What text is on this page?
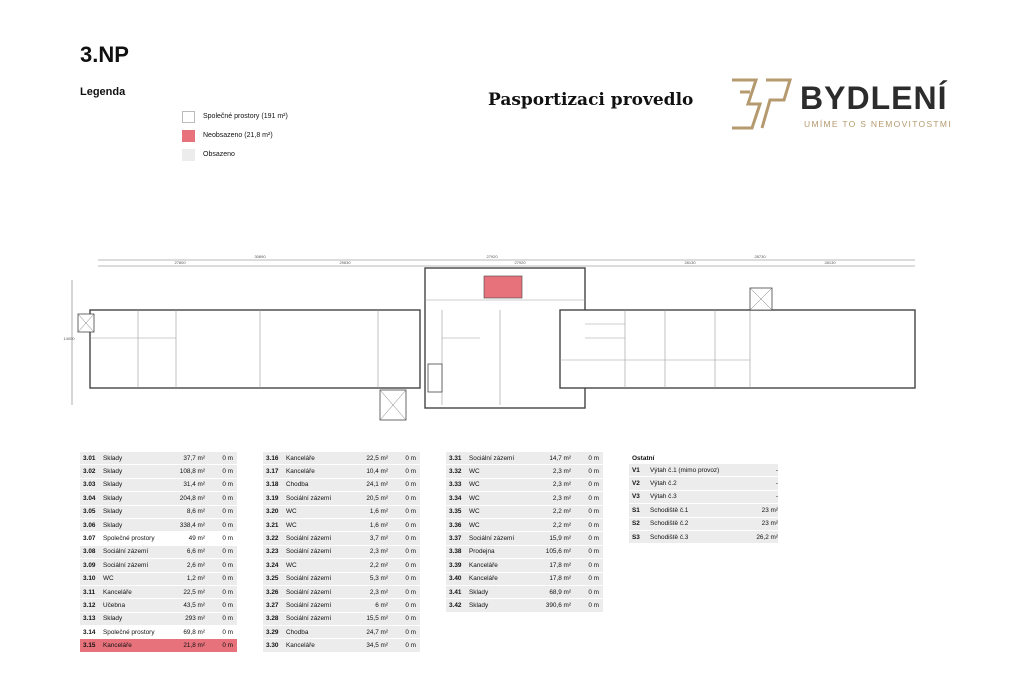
3.NP
Legenda
Společné prostory (191 m²)
Neobsazeno (21,8 m²)
Obsazeno
Pasportizaci provedlo	BYDLENÍ
UMÍME TO S NEMOVITOSTMI
30890	27920	28730
27800	29630	27920	28130	28130
14000
3.01	Sklady	37,7 m²	0 m
3.02	Sklady	108,8 m²	0 m
3.03	Sklady	31,4 m²	0 m
3.04	Sklady	204,8 m²	0 m
3.05	Sklady	8,6 m²	0 m
3.06	Sklady	338,4 m²	0 m
3.07	Společné prostory	49 m²	0 m
3.08	Sociální zázemí	6,6 m²	0 m
3.09	Sociální zázemí	2,6 m²	0 m
3.10	WC	1,2 m²	0 m
3.11	Kanceláře	22,5 m²	0 m
3.12	Učebna	43,5 m²	0 m
3.13	Sklady	293 m²	0 m
3.14	Společné prostory	69,8 m²	0 m
3.15	Kanceláře	21,8 m²	0 m
3.16	Kanceláře	22,5 m²	0 m
3.17	Kanceláře	10,4 m²	0 m
3.18	Chodba	24,1 m²	0 m
3.19	Sociální zázemí	20,5 m²	0 m
3.20	WC	1,6 m²	0 m
3.21	WC	1,6 m²	0 m
3.22	Sociální zázemí	3,7 m²	0 m
3.23	Sociální zázemí	2,3 m²	0 m
3.24	WC	2,2 m²	0 m
3.25	Sociální zázemí	5,3 m²	0 m
3.26	Sociální zázemí	2,3 m²	0 m
3.27	Sociální zázemí	6 m²	0 m
3.28	Sociální zázemí	15,5 m²	0 m
3.29	Chodba	24,7 m²	0 m
3.30	Kanceláře	34,5 m²	0 m
3.31	Sociální zázemí	14,7 m²	0 m
3.32	WC	2,3 m²	0 m
3.33	WC	2,3 m²	0 m
3.34	WC	2,3 m²	0 m
3.35	WC	2,2 m²	0 m
3.36	WC	2,2 m²	0 m
3.37	Sociální zázemí	15,9 m²	0 m
3.38	Prodejna	105,6 m²	0 m
3.39	Kanceláře	17,8 m²	0 m
3.40	Kanceláře	17,8 m²	0 m
3.41	Sklady	68,9 m²	0 m
3.42	Sklady	390,6 m²	0 m
Ostatní
V1	Výtah č.1 (mimo provoz)	-
V2	Výtah č.2	-
V3	Výtah č.3	-
S1	Schodiště č.1	23 m²
S2	Schodiště č.2	23 m²
S3	Schodiště č.3	26,2 m²
